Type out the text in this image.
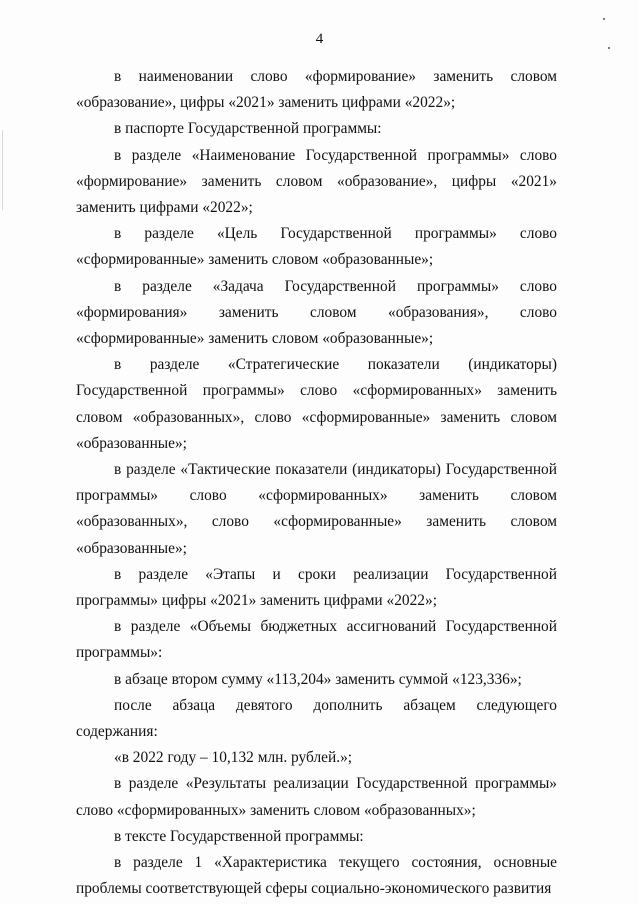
4

в наименовании слово «формирование» заменить словом «образование», цифры «2021» заменить цифрами «2022»;

в паспорте Государственной программы:

в разделе «Наименование Государственной программы» слово «формирование» заменить словом «образование», цифры «2021» заменить цифрами «2022»;

в разделе «Цель Государственной программы» слово «сформированные» заменить словом «образованные»;

в разделе «Задача Государственной программы» слово «формирования» заменить словом «образования», слово «сформированные» заменить словом «образованные»;

в разделе «Стратегические показатели (индикаторы) Государственной программы» слово «сформированных» заменить словом «образованных», слово «сформированные» заменить словом «образованные»;

в разделе «Тактические показатели (индикаторы) Государственной программы» слово «сформированных» заменить словом «образованных», слово «сформированные» заменить словом «образованные»;

в разделе «Этапы и сроки реализации Государственной программы» цифры «2021» заменить цифрами «2022»;

в разделе «Объемы бюджетных ассигнований Государственной программы»:

в абзаце втором сумму «113,204» заменить суммой «123,336»;

после абзаца девятого дополнить абзацем следующего содержания:

«в 2022 году – 10,132 млн. рублей.»;

в разделе «Результаты реализации Государственной программы» слово «сформированных» заменить словом «образованных»;

в тексте Государственной программы:

в разделе 1 «Характеристика текущего состояния, основные проблемы соответствующей сферы социально-экономического развития
